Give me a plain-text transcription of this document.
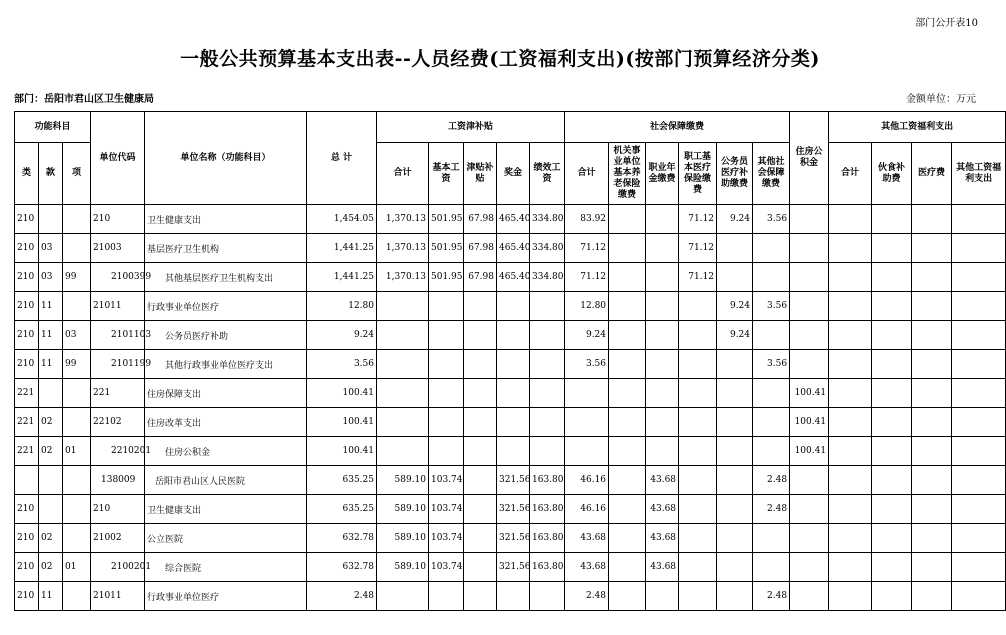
部门公开表10
一般公共预算基本支出表--人员经费(工资福利支出)(按部门预算经济分类)
部门：岳阳市君山区卫生健康局	金额单位：万元
功能科目			单位代码	单位名称（功能科目）	总 计	工资津补贴					社会保障缴费						住房公积金	其他工资福利支出			
类	款	项				合计	基本工资	津贴补贴	奖金	绩效工资	合计	机关事业单位基本养老保险缴费	职业年金缴费	职工基本医疗保险缴费	公务员医疗补助缴费	其他社会保障缴费		合计	伙食补助费	医疗费	其他工资福利支出
210			210	卫生健康支出	1,454.05	1,370.13	501.95	67.98	465.40	334.80	83.92			71.12	9.24	3.56					
210	03		21003	基层医疗卫生机构	1,441.25	1,370.13	501.95	67.98	465.40	334.80	71.12			71.12							
210	03	99	2100399	其他基层医疗卫生机构支出	1,441.25	1,370.13	501.95	67.98	465.40	334.80	71.12			71.12							
210	11		21011	行政事业单位医疗	12.80						12.80				9.24	3.56					
210	11	03	2101103	公务员医疗补助	9.24						9.24				9.24						
210	11	99	2101199	其他行政事业单位医疗支出	3.56						3.56					3.56					
221			221	住房保障支出	100.41												100.41				
221	02		22102	住房改革支出	100.41												100.41				
221	02	01	2210201	住房公积金	100.41												100.41				
			138009	岳阳市君山区人民医院	635.25	589.10	103.74		321.56	163.80	46.16		43.68			2.48					
210			210	卫生健康支出	635.25	589.10	103.74		321.56	163.80	46.16		43.68			2.48					
210	02		21002	公立医院	632.78	589.10	103.74		321.56	163.80	43.68		43.68								
210	02	01	2100201	综合医院	632.78	589.10	103.74		321.56	163.80	43.68		43.68								
210	11		21011	行政事业单位医疗	2.48						2.48					2.48					
